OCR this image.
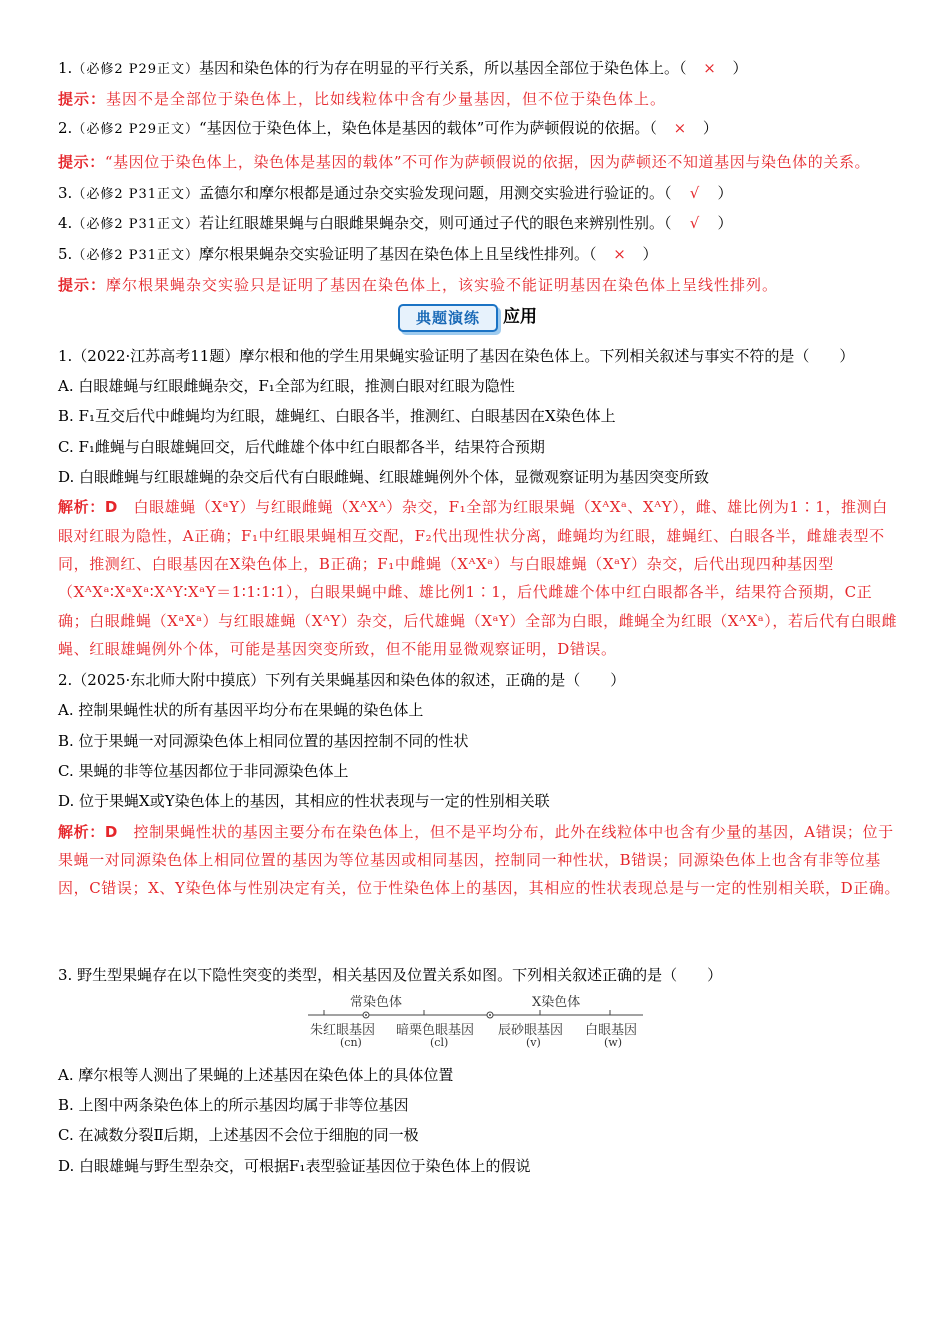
1.（必修2 P29正文）基因和染色体的行为存在明显的平行关系，所以基因全部位于染色体上。（ × ）
提示：基因不是全部位于染色体上，比如线粒体中含有少量基因，但不位于染色体上。
2.（必修2 P29正文）“基因位于染色体上，染色体是基因的载体”可作为萨顿假说的依据。（ × ）
提示：“基因位于染色体上，染色体是基因的载体”不可作为萨顿假说的依据，因为萨顿还不知道基因与染色体的关系。
3.（必修2 P31正文）孟德尔和摩尔根都是通过杂交实验发现问题，用测交实验进行验证的。（ √ ）
4.（必修2 P31正文）若让红眼雄果蝇与白眼雌果蝇杂交，则可通过子代的眼色来辨别性别。（ √ ）
5.（必修2 P31正文）摩尔根果蝇杂交实验证明了基因在染色体上且呈线性排列。（ × ）
提示：摩尔根果蝇杂交实验只是证明了基因在染色体上，该实验不能证明基因在染色体上呈线性排列。
典题演练	应用
1.（2022·江苏高考11题）摩尔根和他的学生用果蝇实验证明了基因在染色体上。下列相关叙述与事实不符的是（　　）
A. 白眼雄蝇与红眼雌蝇杂交，F₁全部为红眼，推测白眼对红眼为隐性
B. F₁互交后代中雌蝇均为红眼，雄蝇红、白眼各半，推测红、白眼基因在X染色体上
C. F₁雌蝇与白眼雄蝇回交，后代雌雄个体中红白眼都各半，结果符合预期
D. 白眼雌蝇与红眼雄蝇的杂交后代有白眼雌蝇、红眼雄蝇例外个体，显微观察证明为基因突变所致
解析：D　 白眼雄蝇（XᵃY）与红眼雌蝇（XᴬXᴬ）杂交，F₁全部为红眼果蝇（XᴬXᵃ、XᴬY），雌、雄比例为1∶1，推测白眼对红眼为隐性，A正确；F₁中红眼果蝇相互交配，F₂代出现性状分离，雌蝇均为红眼，雄蝇红、白眼各半，雌雄表型不同，推测红、白眼基因在X染色体上，B正确；F₁中雌蝇（XᴬXᵃ）与白眼雄蝇（XᵃY）杂交，后代出现四种基因型（XᴬXᵃ∶XᵃXᵃ∶XᴬY∶XᵃY＝1∶1∶1∶1），白眼果蝇中雌、雄比例1∶1，后代雌雄个体中红白眼都各半，结果符合预期，C正确；白眼雌蝇（XᵃXᵃ）与红眼雄蝇（XᴬY）杂交，后代雄蝇（XᵃY）全部为白眼，雌蝇全为红眼（XᴬXᵃ），若后代有白眼雌蝇、红眼雄蝇例外个体，可能是基因突变所致，但不能用显微观察证明，D错误。
2.（2025·东北师大附中摸底）下列有关果蝇基因和染色体的叙述，正确的是（　　）
A. 控制果蝇性状的所有基因平均分布在果蝇的染色体上
B. 位于果蝇一对同源染色体上相同位置的基因控制不同的性状
C. 果蝇的非等位基因都位于非同源染色体上
D. 位于果蝇X或Y染色体上的基因，其相应的性状表现与一定的性别相关联
解析：D　 控制果蝇性状的基因主要分布在染色体上，但不是平均分布，此外在线粒体中也含有少量的基因，A错误；位于果蝇一对同源染色体上相同位置的基因为等位基因或相同基因，控制同一种性状，B错误；同源染色体上也含有非等位基因，C错误；X、Y染色体与性别决定有关，位于性染色体上的基因，其相应的性状表现总是与一定的性别相关联，D正确。
3. 野生型果蝇存在以下隐性突变的类型，相关基因及位置关系如图。下列相关叙述正确的是（　　）
常染色体	X染色体
朱红眼基因 暗栗色眼基因 辰砂眼基因 白眼基因
(cn)	(cl)	(v)	(w)
A. 摩尔根等人测出了果蝇的上述基因在染色体上的具体位置
B. 上图中两条染色体上的所示基因均属于非等位基因
C. 在减数分裂Ⅱ后期，上述基因不会位于细胞的同一极
D. 白眼雄蝇与野生型杂交，可根据F₁表型验证基因位于染色体上的假说
